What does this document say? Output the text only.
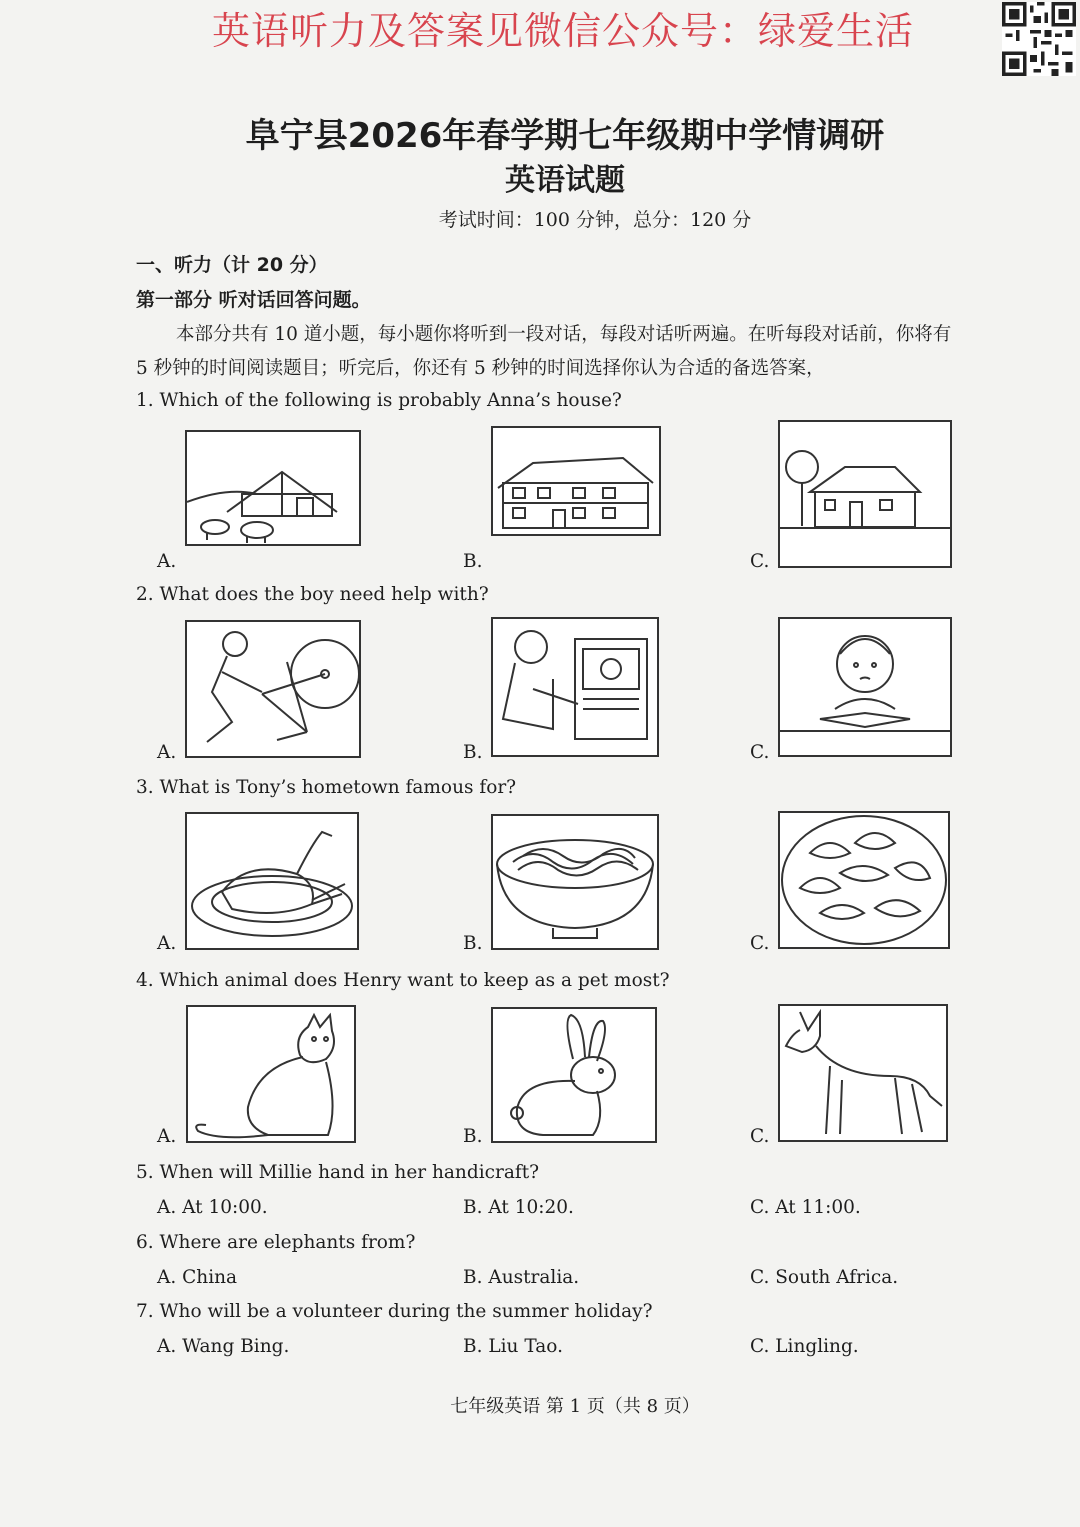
英语听力及答案见微信公众号：绿爱生活
阜宁县2026年春学期七年级期中学情调研
英语试题
考试时间：100 分钟，总分：120 分
一、听力（计 20 分）
第一部分 听对话回答问题。
本部分共有 10 道小题，每小题你将听到一段对话，每段对话听两遍。在听每段对话前，你将有
5 秒钟的时间阅读题目；听完后，你还有 5 秒钟的时间选择你认为合适的备选答案，
1. Which of the following is probably Anna’s house?
A.	B.	C.
2. What does the boy need help with?
A.	B.	C.
3. What is Tony’s hometown famous for?
A.	B.	C.
4. Which animal does Henry want to keep as a pet most?
A.	B.	C.
5. When will Millie hand in her handicraft?
A. At 10:00.	B. At 10:20.	C. At 11:00.
6. Where are elephants from?
A. China	B. Australia.	C. South Africa.
7. Who will be a volunteer during the summer holiday?
A. Wang Bing.	B. Liu Tao.	C. Lingling.
七年级英语 第 1 页（共 8 页）
